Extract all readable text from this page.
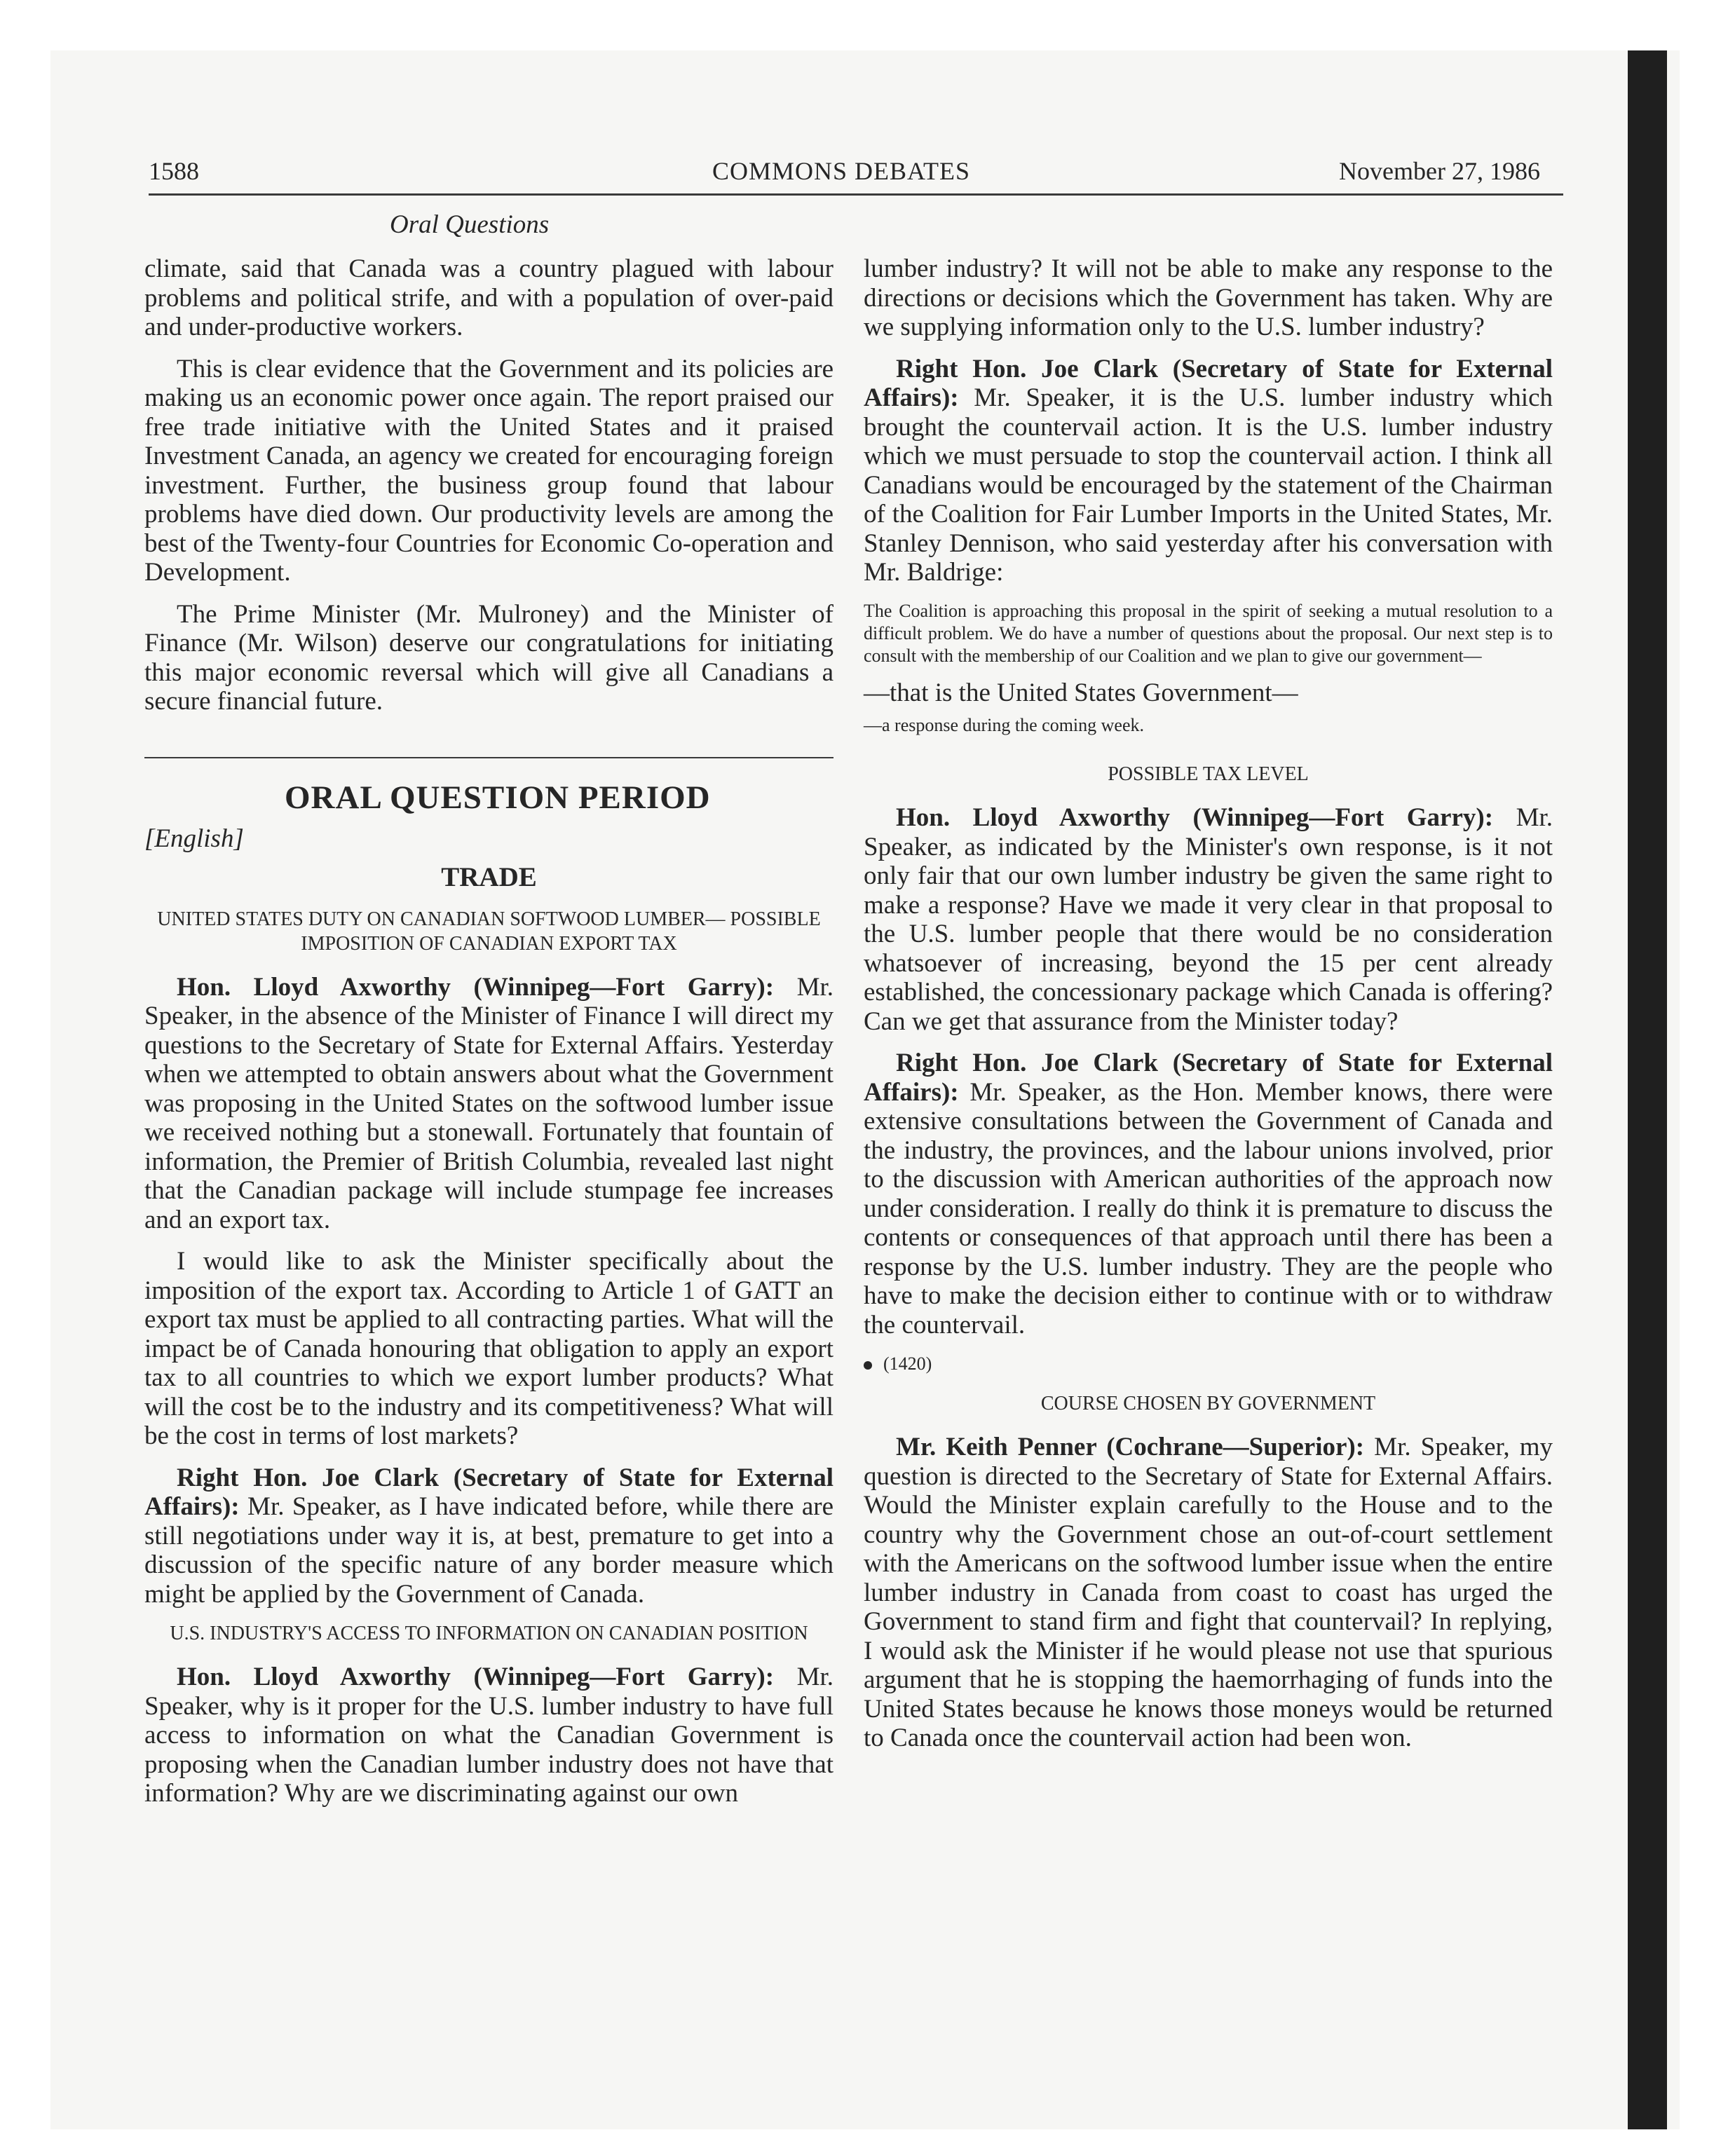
1588	COMMONS DEBATES	November 27, 1986
Oral Questions

climate, said that Canada was a country plagued with labour problems and political strife, and with a population of over-paid and under-productive workers.

This is clear evidence that the Government and its policies are making us an economic power once again. The report praised our free trade initiative with the United States and it praised Investment Canada, an agency we created for encouraging foreign investment. Further, the business group found that labour problems have died down. Our productivity levels are among the best of the Twenty-four Countries for Economic Co-operation and Development.

The Prime Minister (Mr. Mulroney) and the Minister of Finance (Mr. Wilson) deserve our congratulations for initiating this major economic reversal which will give all Canadians a secure financial future.

ORAL QUESTION PERIOD
[English]

TRADE

UNITED STATES DUTY ON CANADIAN SOFTWOOD LUMBER— POSSIBLE IMPOSITION OF CANADIAN EXPORT TAX

Hon. Lloyd Axworthy (Winnipeg—Fort Garry): Mr. Speaker, in the absence of the Minister of Finance I will direct my questions to the Secretary of State for External Affairs. Yesterday when we attempted to obtain answers about what the Government was proposing in the United States on the softwood lumber issue we received nothing but a stonewall. Fortunately that fountain of information, the Premier of British Columbia, revealed last night that the Canadian package will include stumpage fee increases and an export tax.

I would like to ask the Minister specifically about the imposition of the export tax. According to Article 1 of GATT an export tax must be applied to all contracting parties. What will the impact be of Canada honouring that obligation to apply an export tax to all countries to which we export lumber products? What will the cost be to the industry and its competitiveness? What will be the cost in terms of lost markets?

Right Hon. Joe Clark (Secretary of State for External Affairs): Mr. Speaker, as I have indicated before, while there are still negotiations under way it is, at best, premature to get into a discussion of the specific nature of any border measure which might be applied by the Government of Canada.

U.S. INDUSTRY'S ACCESS TO INFORMATION ON CANADIAN POSITION

Hon. Lloyd Axworthy (Winnipeg—Fort Garry): Mr. Speaker, why is it proper for the U.S. lumber industry to have full access to information on what the Canadian Government is proposing when the Canadian lumber industry does not have that information? Why are we discriminating against our own

lumber industry? It will not be able to make any response to the directions or decisions which the Government has taken. Why are we supplying information only to the U.S. lumber industry?

Right Hon. Joe Clark (Secretary of State for External Affairs): Mr. Speaker, it is the U.S. lumber industry which brought the countervail action. It is the U.S. lumber industry which we must persuade to stop the countervail action. I think all Canadians would be encouraged by the statement of the Chairman of the Coalition for Fair Lumber Imports in the United States, Mr. Stanley Dennison, who said yesterday after his conversation with Mr. Baldrige:

The Coalition is approaching this proposal in the spirit of seeking a mutual resolution to a difficult problem. We do have a number of questions about the proposal. Our next step is to consult with the membership of our Coalition and we plan to give our government—

—that is the United States Government—

—a response during the coming week.

POSSIBLE TAX LEVEL

Hon. Lloyd Axworthy (Winnipeg—Fort Garry): Mr. Speaker, as indicated by the Minister's own response, is it not only fair that our own lumber industry be given the same right to make a response? Have we made it very clear in that proposal to the U.S. lumber people that there would be no consideration whatsoever of increasing, beyond the 15 per cent already established, the concessionary package which Canada is offering? Can we get that assurance from the Minister today?

Right Hon. Joe Clark (Secretary of State for External Affairs): Mr. Speaker, as the Hon. Member knows, there were extensive consultations between the Government of Canada and the industry, the provinces, and the labour unions involved, prior to the discussion with American authorities of the approach now under consideration. I really do think it is premature to discuss the contents or consequences of that approach until there has been a response by the U.S. lumber industry. They are the people who have to make the decision either to continue with or to withdraw the countervail.

(1420)

COURSE CHOSEN BY GOVERNMENT

Mr. Keith Penner (Cochrane—Superior): Mr. Speaker, my question is directed to the Secretary of State for External Affairs. Would the Minister explain carefully to the House and to the country why the Government chose an out-of-court settlement with the Americans on the softwood lumber issue when the entire lumber industry in Canada from coast to coast has urged the Government to stand firm and fight that countervail? In replying, I would ask the Minister if he would please not use that spurious argument that he is stopping the haemorrhaging of funds into the United States because he knows those moneys would be returned to Canada once the countervail action had been won.
